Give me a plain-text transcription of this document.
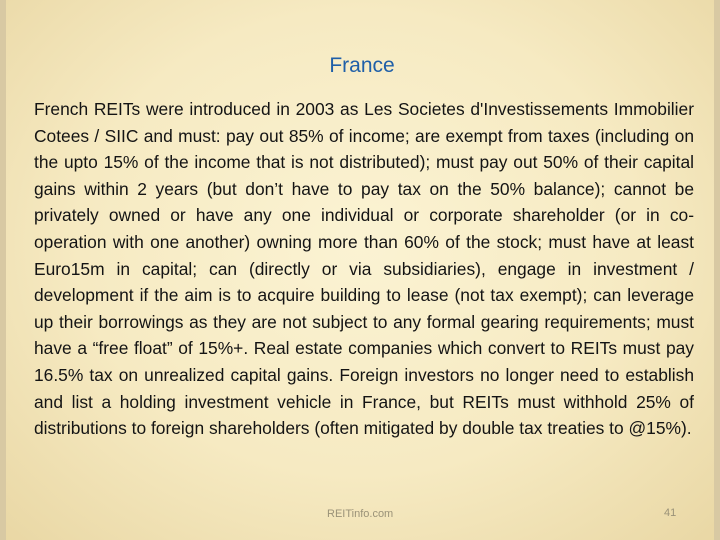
France

French REITs were introduced in 2003 as Les Societes d'Investissements Immobilier Cotees / SIIC and must: pay out 85% of income; are exempt from taxes (including on the upto 15% of the income that is not distributed); must pay out 50% of their capital gains within 2 years (but don’t have to pay tax on the 50% balance); cannot be privately owned or have any one individual or corporate shareholder (or in co-operation with one another) owning more than 60% of the stock; must have at least Euro15m in capital; can (directly or via subsidiaries), engage in investment / development if the aim is to acquire building to lease (not tax exempt); can leverage up their borrowings as they are not subject to any formal gearing requirements; must have a “free float” of 15%+. Real estate companies which convert to REITs must pay 16.5% tax on unrealized capital gains. Foreign investors no longer need to establish and list a holding investment vehicle in France, but REITs must withhold 25% of distributions to foreign shareholders (often mitigated by double tax treaties to @15%).

REITinfo.com	41
